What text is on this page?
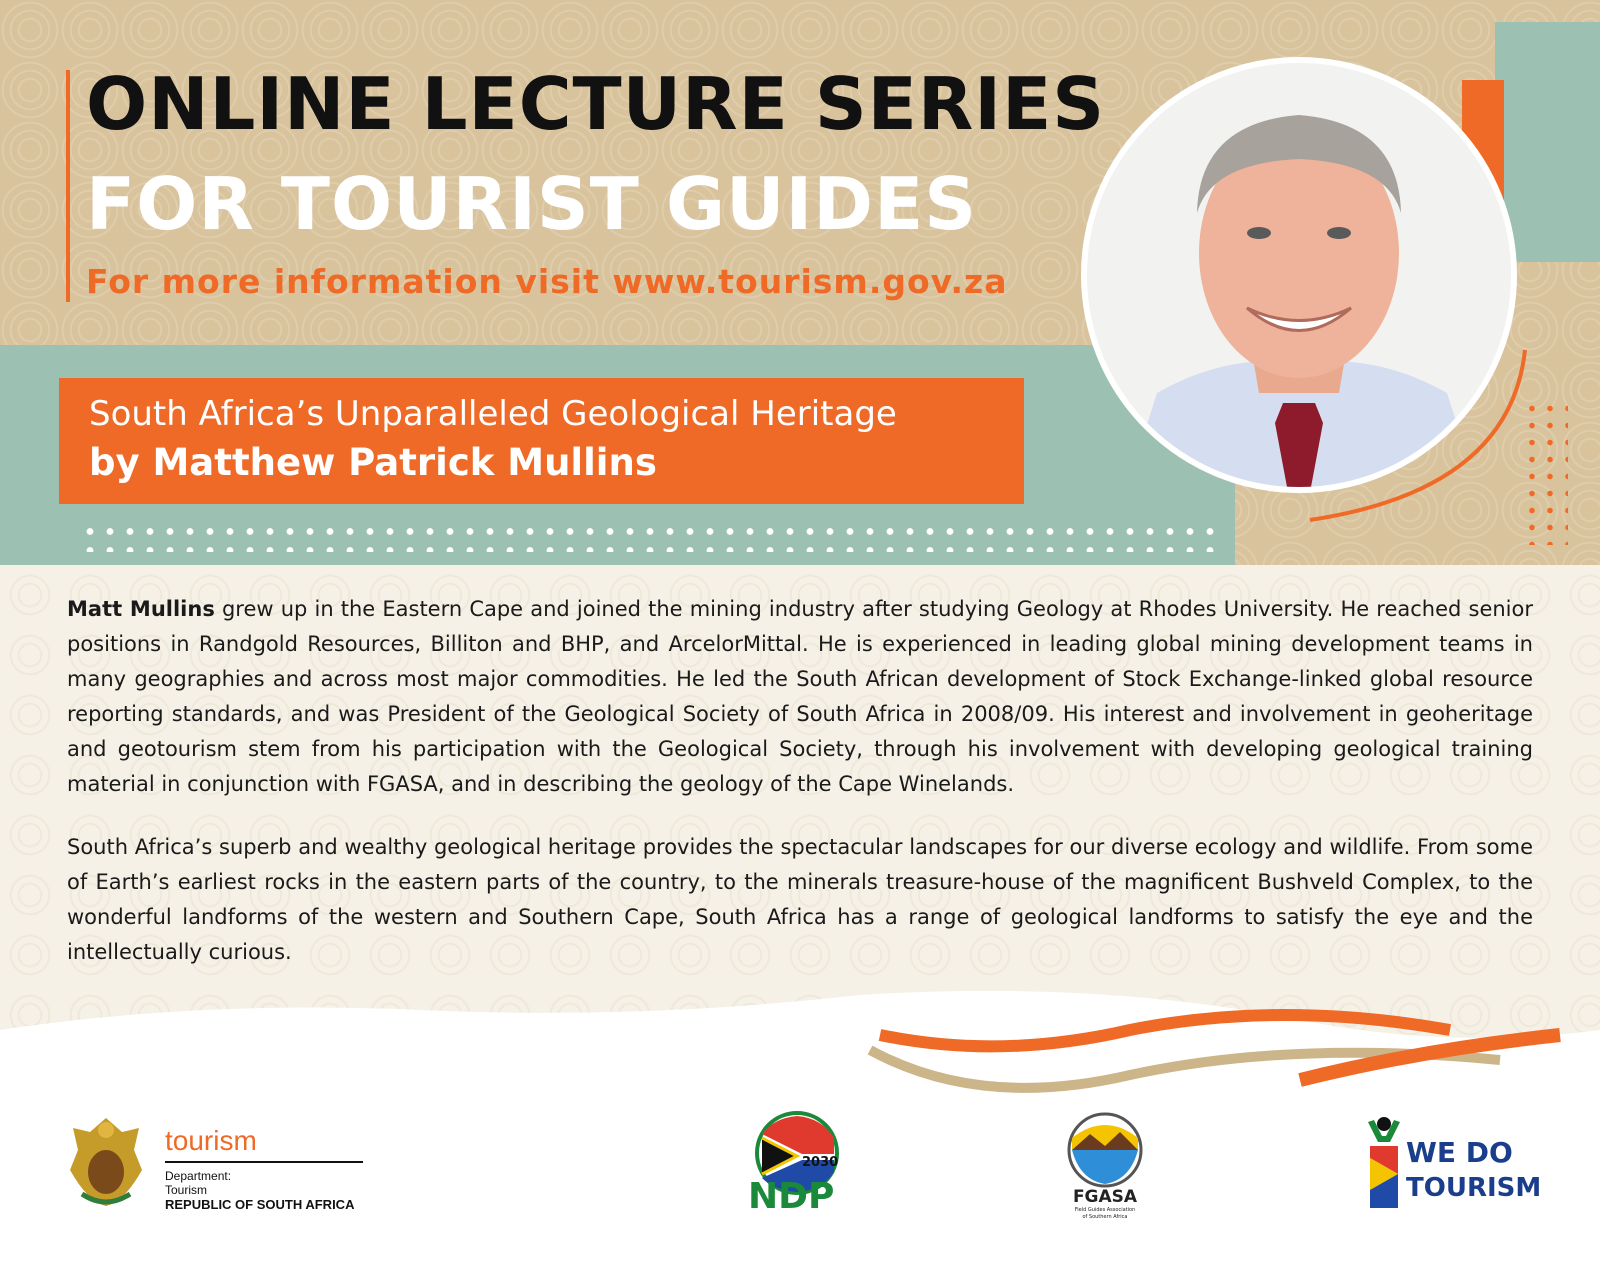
ONLINE LECTURE SERIES
FOR TOURIST GUIDES
For more information visit www.tourism.gov.za
South Africa’s Unparalleled Geological Heritage
by Matthew Patrick Mullins

Matt Mullins grew up in the Eastern Cape and joined the mining industry after studying Geology at Rhodes University. He reached senior positions in Randgold Resources, Billiton and BHP, and ArcelorMittal. He is experienced in leading global mining development teams in many geographies and across most major commodities. He led the South African development of Stock Exchange-linked global resource reporting standards, and was President of the Geological Society of South Africa in 2008/09. His interest and involvement in geoheritage and geotourism stem from his participation with the Geological Society, through his involvement with developing geological training material in conjunction with FGASA, and in describing the geology of the Cape Winelands.

South Africa’s superb and wealthy geological heritage provides the spectacular landscapes for our diverse ecology and wildlife. From some of Earth’s earliest rocks in the eastern parts of the country, to the minerals treasure-house of the magnificent Bushveld Complex, to the wonderful landforms of the western and Southern Cape, South Africa has a range of geological landforms to satisfy the eye and the intellectually curious.

tourism
Department:
Tourism
REPUBLIC OF SOUTH AFRICA
2030
NDP	FGASA
Field Guides Association
of Southern Africa
WE DO
TOURISM
